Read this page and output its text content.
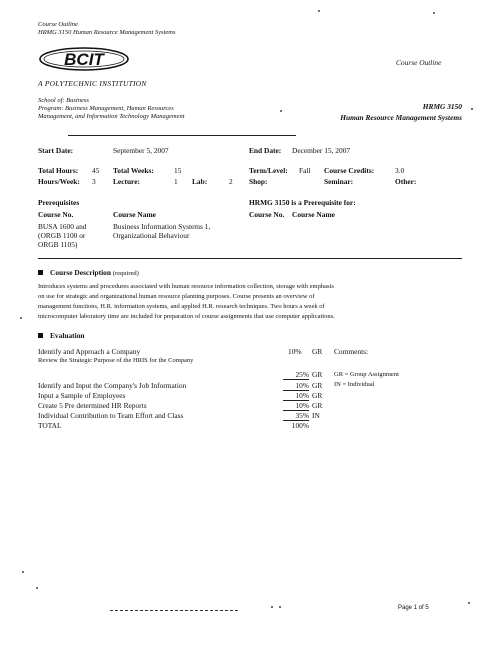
Course Outline
HRMG 3150 Human Resource Management Systems
BCIT	Course Outline
A POLYTECHNIC INSTITUTION
School of: Business
Program: Business Management, Human Resources
Management, and Information Technology Management
HRMG 3150
Human Resource Management Systems
Start Date:	September 5, 2007	End Date: December 15, 2007
Total Hours: 45 Total Weeks:	15	Term/Level: Fall Course Credits:	3.0
Hours/Week: 3 Lecture:	1 Lab:	2 Shop:	Seminar:	Other:
Prerequisites
Course No.	Course Name
BUSA 1600 and	Business Information Systems 1,
(ORGB 1100 or	Organizational Behaviour
ORGB 1105)
HRMG 3150 is a Prerequisite for:
Course No. Course Name
Course Description (required)
Introduces systems and procedures associated with human resource information collection, storage with emphasis
on use for strategic and organizational human resource planning purposes. Course presents an overview of
management functions, H.R. information systems, and applied H.R. research techniques. Two hours a week of
microcomputer laboratory time are included for preparation of course assignments that use computer applications.
Evaluation
Identify and Approach a Company	10% GR Comments:
Review the Strategic Purpose of the HRIS for the Company
25% GR GR = Group Assignment
Identify and Input the Company's Job Information	10% GR IN = Individual
Input a Sample of Employees	10% GR
Create 5 Pre determined HR Reports	10% GR
Individual Contribution to Team Effort and Class	35% IN
TOTAL	100%
Page 1 of 5
